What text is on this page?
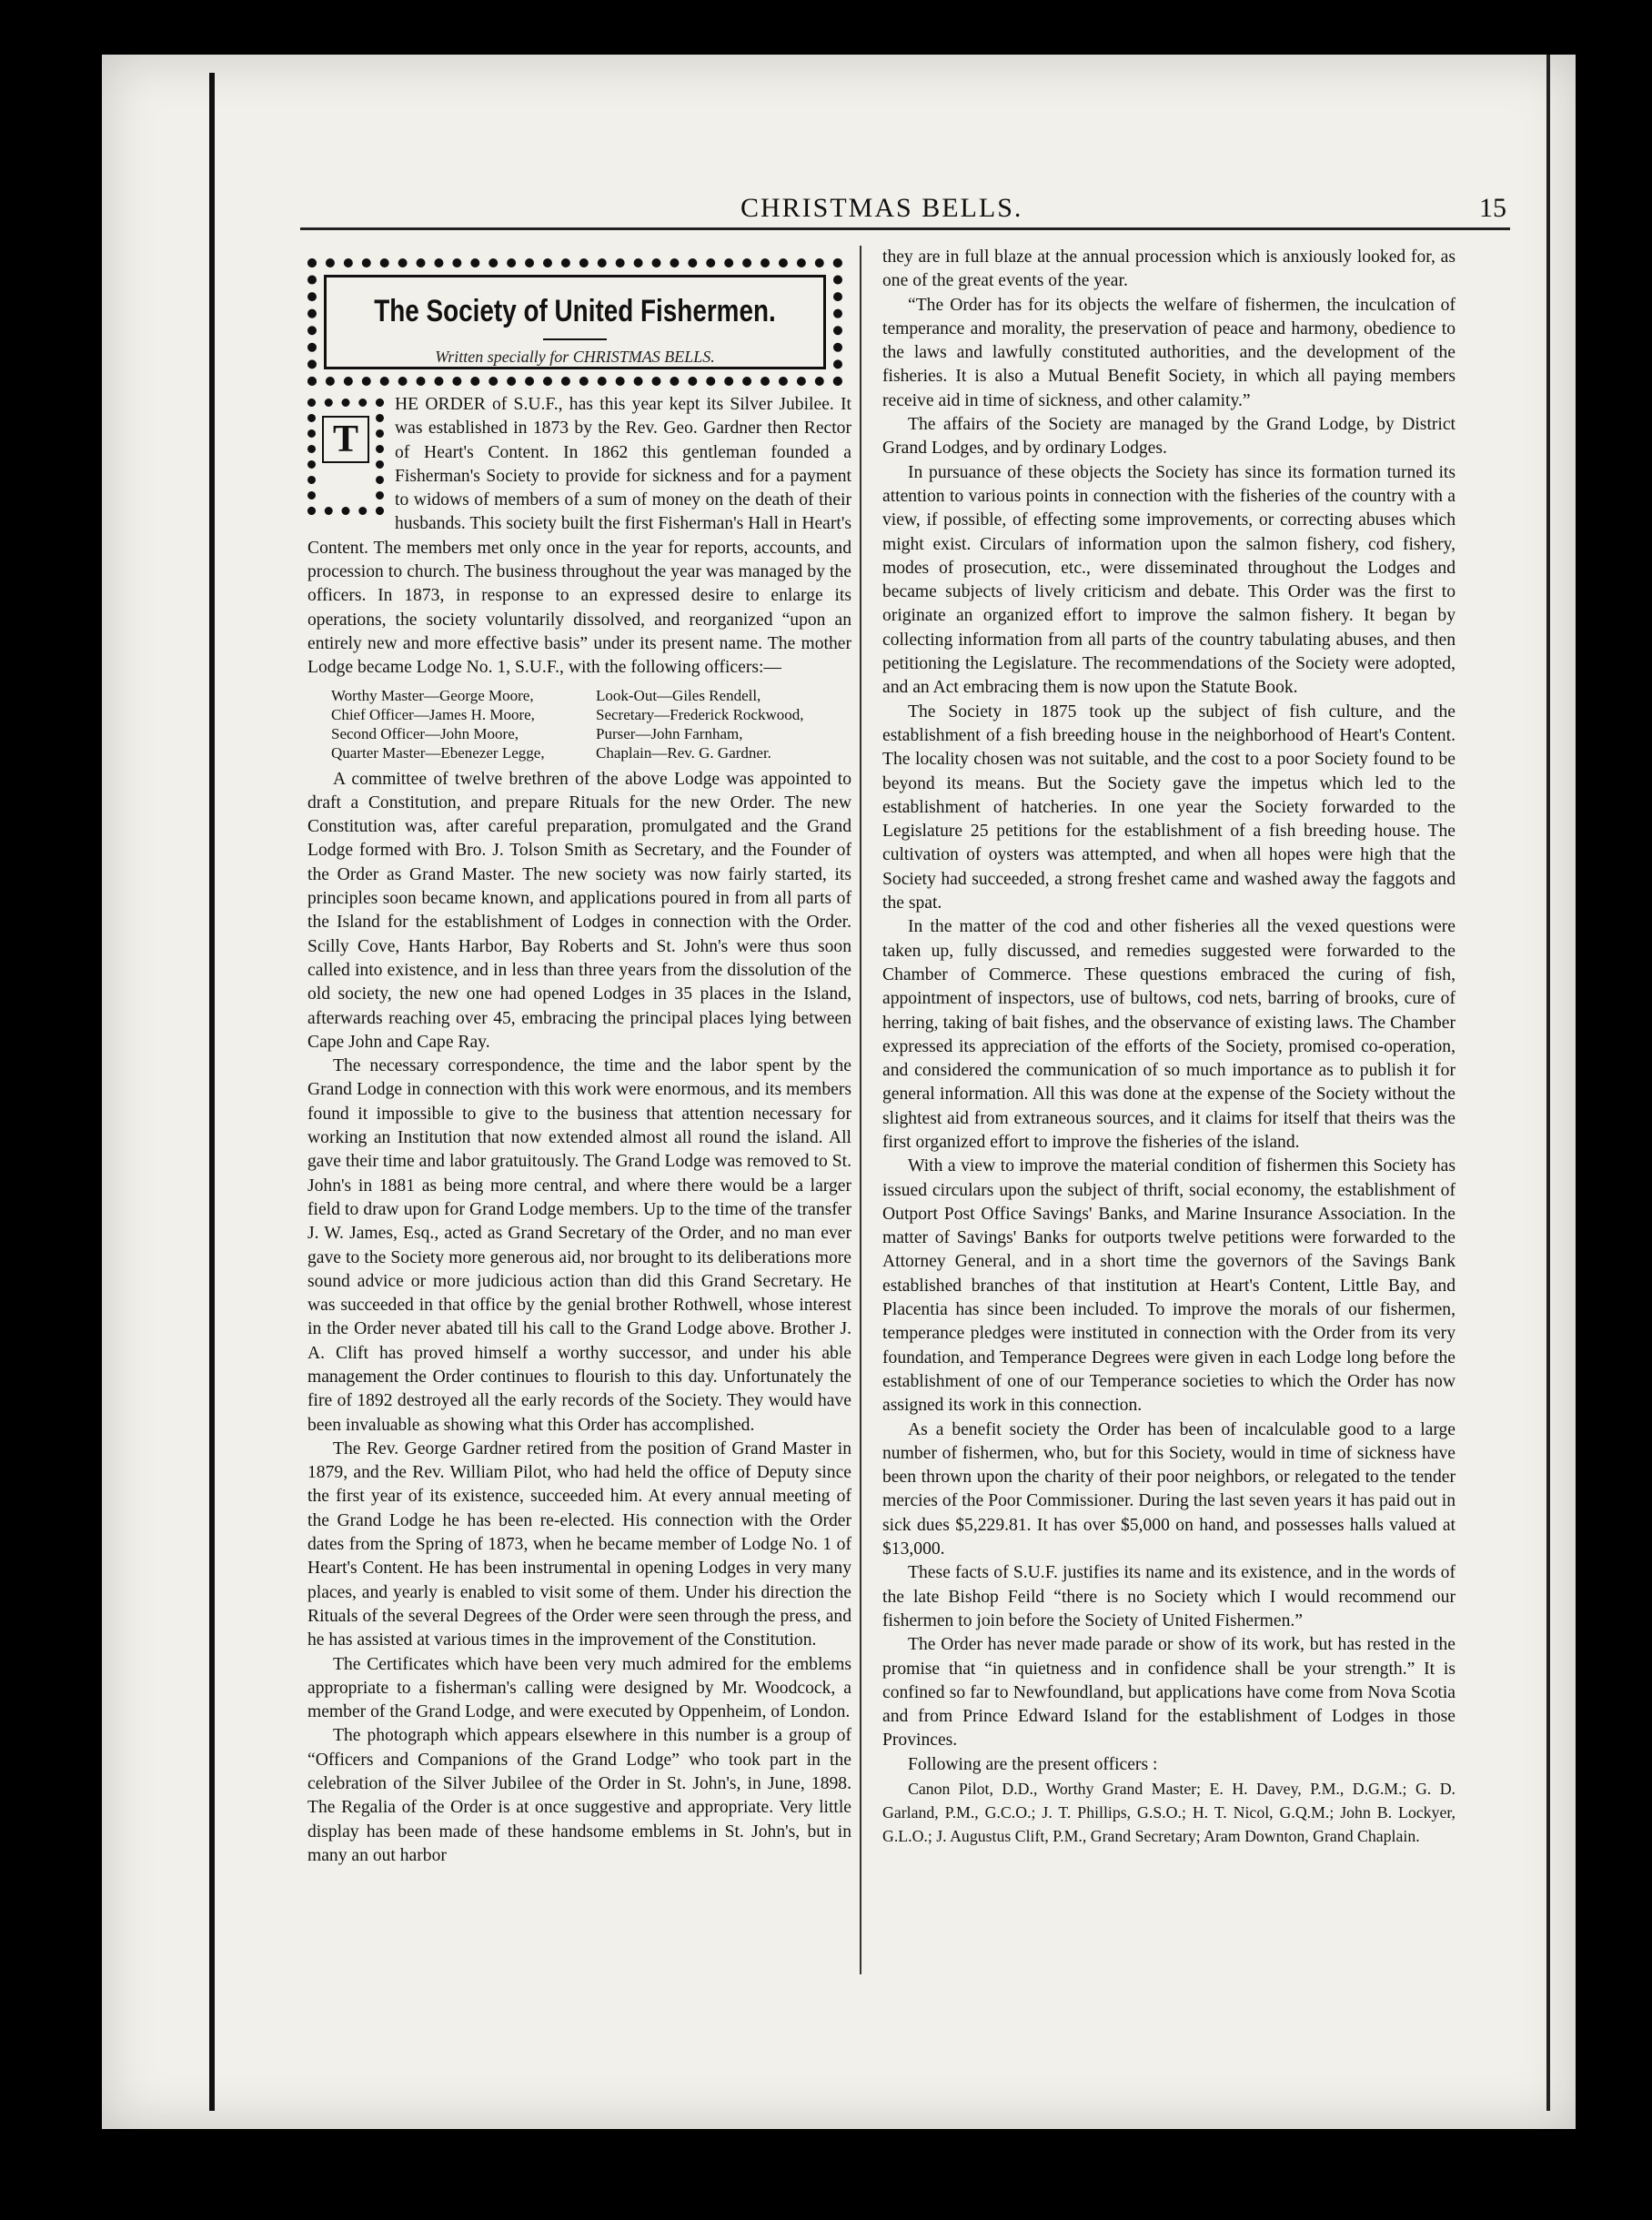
CHRISTMAS BELLS.	15
The Society of United Fishermen.
Written specially for CHRISTMAS BELLS.
T

HE ORDER of S.U.F., has this year kept its Silver Jubilee. It was established in 1873 by the Rev. Geo. Gardner then Rector of Heart's Content. In 1862 this gentleman founded a Fisherman's Society to provide for sickness and for a payment to widows of members of a sum of money on the death of their husbands. This society built the first Fisherman's Hall in Heart's Content. The members met only once in the year for reports, accounts, and procession to church. The business throughout the year was managed by the officers. In 1873, in response to an expressed desire to enlarge its operations, the society voluntarily dissolved, and reorganized “upon an entirely new and more effective basis” under its present name. The mother Lodge became Lodge No. 1, S.U.F., with the following officers:—

Worthy Master—George Moore,	Look-Out—Giles Rendell,
Chief Officer—James H. Moore,	Secretary—Frederick Rockwood,
Second Officer—John Moore,	Purser—John Farnham,
Quarter Master—Ebenezer Legge,	Chaplain—Rev. G. Gardner.

A committee of twelve brethren of the above Lodge was appointed to draft a Constitution, and prepare Rituals for the new Order. The new Constitution was, after careful preparation, promulgated and the Grand Lodge formed with Bro. J. Tolson Smith as Secretary, and the Founder of the Order as Grand Master. The new society was now fairly started, its principles soon became known, and applications poured in from all parts of the Island for the establishment of Lodges in connection with the Order. Scilly Cove, Hants Harbor, Bay Roberts and St. John's were thus soon called into existence, and in less than three years from the dissolution of the old society, the new one had opened Lodges in 35 places in the Island, afterwards reaching over 45, embracing the principal places lying between Cape John and Cape Ray.

The necessary correspondence, the time and the labor spent by the Grand Lodge in connection with this work were enormous, and its members found it impossible to give to the business that attention necessary for working an Institution that now extended almost all round the island. All gave their time and labor gratuitously. The Grand Lodge was removed to St. John's in 1881 as being more central, and where there would be a larger field to draw upon for Grand Lodge members. Up to the time of the transfer J. W. James, Esq., acted as Grand Secretary of the Order, and no man ever gave to the Society more generous aid, nor brought to its deliberations more sound advice or more judicious action than did this Grand Secretary. He was succeeded in that office by the genial brother Rothwell, whose interest in the Order never abated till his call to the Grand Lodge above. Brother J. A. Clift has proved himself a worthy successor, and under his able management the Order continues to flourish to this day. Unfortunately the fire of 1892 destroyed all the early records of the Society. They would have been invaluable as showing what this Order has accomplished.

The Rev. George Gardner retired from the position of Grand Master in 1879, and the Rev. William Pilot, who had held the office of Deputy since the first year of its existence, succeeded him. At every annual meeting of the Grand Lodge he has been re-elected. His connection with the Order dates from the Spring of 1873, when he became member of Lodge No. 1 of Heart's Content. He has been instrumental in opening Lodges in very many places, and yearly is enabled to visit some of them. Under his direction the Rituals of the several Degrees of the Order were seen through the press, and he has assisted at various times in the improvement of the Constitution.

The Certificates which have been very much admired for the emblems appropriate to a fisherman's calling were designed by Mr. Woodcock, a member of the Grand Lodge, and were executed by Oppenheim, of London.

The photograph which appears elsewhere in this number is a group of “Officers and Companions of the Grand Lodge” who took part in the celebration of the Silver Jubilee of the Order in St. John's, in June, 1898. The Regalia of the Order is at once suggestive and appropriate. Very little display has been made of these handsome emblems in St. John's, but in many an out harbor

they are in full blaze at the annual procession which is anxiously looked for, as one of the great events of the year.

“The Order has for its objects the welfare of fishermen, the inculcation of temperance and morality, the preservation of peace and harmony, obedience to the laws and lawfully constituted authorities, and the development of the fisheries. It is also a Mutual Benefit Society, in which all paying members receive aid in time of sickness, and other calamity.”

The affairs of the Society are managed by the Grand Lodge, by District Grand Lodges, and by ordinary Lodges.

In pursuance of these objects the Society has since its formation turned its attention to various points in connection with the fisheries of the country with a view, if possible, of effecting some improvements, or correcting abuses which might exist. Circulars of information upon the salmon fishery, cod fishery, modes of prosecution, etc., were disseminated throughout the Lodges and became subjects of lively criticism and debate. This Order was the first to originate an organized effort to improve the salmon fishery. It began by collecting information from all parts of the country tabulating abuses, and then petitioning the Legislature. The recommendations of the Society were adopted, and an Act embracing them is now upon the Statute Book.

The Society in 1875 took up the subject of fish culture, and the establishment of a fish breeding house in the neighborhood of Heart's Content. The locality chosen was not suitable, and the cost to a poor Society found to be beyond its means. But the Society gave the impetus which led to the establishment of hatcheries. In one year the Society forwarded to the Legislature 25 petitions for the establishment of a fish breeding house. The cultivation of oysters was attempted, and when all hopes were high that the Society had succeeded, a strong freshet came and washed away the faggots and the spat.

In the matter of the cod and other fisheries all the vexed questions were taken up, fully discussed, and remedies suggested were forwarded to the Chamber of Commerce. These questions embraced the curing of fish, appointment of inspectors, use of bultows, cod nets, barring of brooks, cure of herring, taking of bait fishes, and the observance of existing laws. The Chamber expressed its appreciation of the efforts of the Society, promised co-operation, and considered the communication of so much importance as to publish it for general information. All this was done at the expense of the Society without the slightest aid from extraneous sources, and it claims for itself that theirs was the first organized effort to improve the fisheries of the island.

With a view to improve the material condition of fishermen this Society has issued circulars upon the subject of thrift, social economy, the establishment of Outport Post Office Savings' Banks, and Marine Insurance Association. In the matter of Savings' Banks for outports twelve petitions were forwarded to the Attorney General, and in a short time the governors of the Savings Bank established branches of that institution at Heart's Content, Little Bay, and Placentia has since been included. To improve the morals of our fishermen, temperance pledges were instituted in connection with the Order from its very foundation, and Temperance Degrees were given in each Lodge long before the establishment of one of our Temperance societies to which the Order has now assigned its work in this connection.

As a benefit society the Order has been of incalculable good to a large number of fishermen, who, but for this Society, would in time of sickness have been thrown upon the charity of their poor neighbors, or relegated to the tender mercies of the Poor Commissioner. During the last seven years it has paid out in sick dues $5,229.81. It has over $5,000 on hand, and possesses halls valued at $13,000.

These facts of S.U.F. justifies its name and its existence, and in the words of the late Bishop Feild “there is no Society which I would recommend our fishermen to join before the Society of United Fishermen.”

The Order has never made parade or show of its work, but has rested in the promise that “in quietness and in confidence shall be your strength.” It is confined so far to Newfoundland, but applications have come from Nova Scotia and from Prince Edward Island for the establishment of Lodges in those Provinces.

Following are the present officers :

Canon Pilot, D.D., Worthy Grand Master; E. H. Davey, P.M., D.G.M.; G. D. Garland, P.M., G.C.O.; J. T. Phillips, G.S.O.; H. T. Nicol, G.Q.M.; John B. Lockyer, G.L.O.; J. Augustus Clift, P.M., Grand Secretary; Aram Downton, Grand Chaplain.
